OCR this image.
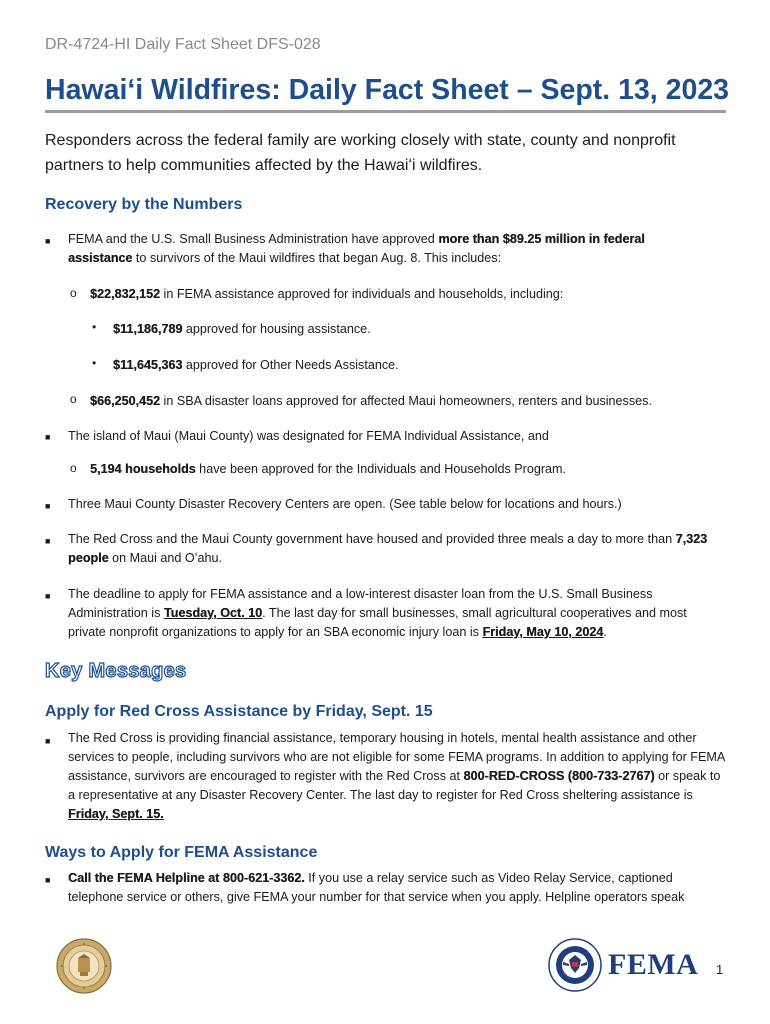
DR-4724-HI Daily Fact Sheet DFS-028
Hawaiʻi Wildfires: Daily Fact Sheet – Sept. 13, 2023
Responders across the federal family are working closely with state, county and nonprofit partners to help communities affected by the Hawaiʻi wildfires.
Recovery by the Numbers
■ FEMA and the U.S. Small Business Administration have approved more than $89.25 million in federal assistance to survivors of the Maui wildfires that began Aug. 8. This includes:
o $22,832,152 in FEMA assistance approved for individuals and households, including:
• $11,186,789 approved for housing assistance.
• $11,645,363 approved for Other Needs Assistance.
o $66,250,452 in SBA disaster loans approved for affected Maui homeowners, renters and businesses.
■ The island of Maui (Maui County) was designated for FEMA Individual Assistance, and
o 5,194 households have been approved for the Individuals and Households Program.
■ Three Maui County Disaster Recovery Centers are open. (See table below for locations and hours.)
■ The Red Cross and the Maui County government have housed and provided three meals a day to more than 7,323 people on Maui and Oʻahu.
■ The deadline to apply for FEMA assistance and a low-interest disaster loan from the U.S. Small Business Administration is Tuesday, Oct. 10. The last day for small businesses, small agricultural cooperatives and most private nonprofit organizations to apply for an SBA economic injury loan is Friday, May 10, 2024.
Key Messages
Apply for Red Cross Assistance by Friday, Sept. 15
■ The Red Cross is providing financial assistance, temporary housing in hotels, mental health assistance and other services to people, including survivors who are not eligible for some FEMA programs. In addition to applying for FEMA assistance, survivors are encouraged to register with the Red Cross at 800-RED-CROSS (800-733-2767) or speak to a representative at any Disaster Recovery Center. The last day to register for Red Cross sheltering assistance is Friday, Sept. 15.
Ways to Apply for FEMA Assistance
■ Call the FEMA Helpline at 800-621-3362. If you use a relay service such as Video Relay Service, captioned telephone service or others, give FEMA your number for that service when you apply. Helpline operators speak
FEMA 1
